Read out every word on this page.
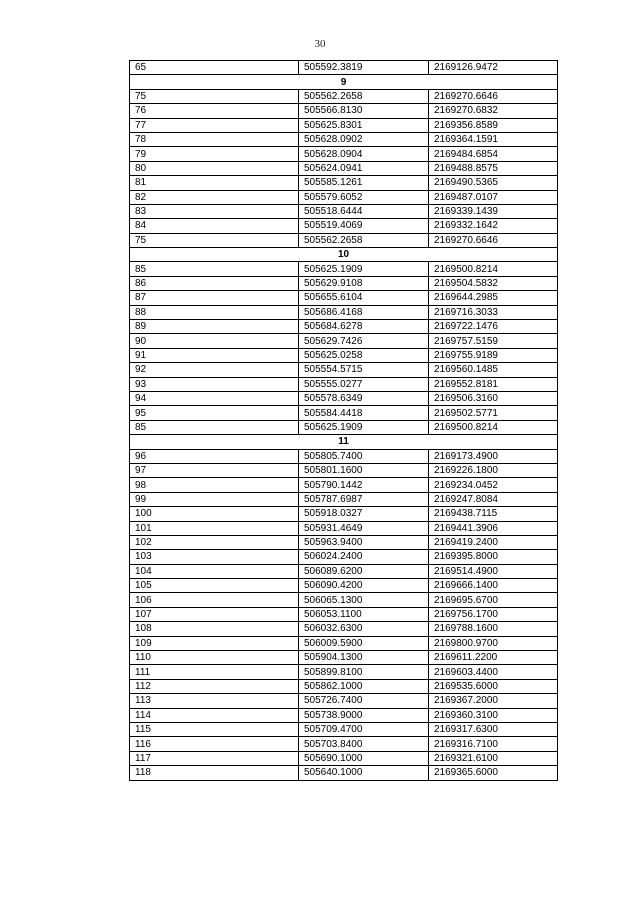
30
65	505592.3819	2169126.9472
9		
75	505562.2658	2169270.6646
76	505566.8130	2169270.6832
77	505625.8301	2169356.8589
78	505628.0902	2169364.1591
79	505628.0904	2169484.6854
80	505624.0941	2169488.8575
81	505585.1261	2169490.5365
82	505579.6052	2169487.0107
83	505518.6444	2169339.1439
84	505519.4069	2169332.1642
75	505562.2658	2169270.6646
10		
85	505625.1909	2169500.8214
86	505629.9108	2169504.5832
87	505655.6104	2169644.2985
88	505686.4168	2169716.3033
89	505684.6278	2169722.1476
90	505629.7426	2169757.5159
91	505625.0258	2169755.9189
92	505554.5715	2169560.1485
93	505555.0277	2169552.8181
94	505578.6349	2169506.3160
95	505584.4418	2169502.5771
85	505625.1909	2169500.8214
11		
96	505805.7400	2169173.4900
97	505801.1600	2169226.1800
98	505790.1442	2169234.0452
99	505787.6987	2169247.8084
100	505918.0327	2169438.7115
101	505931.4649	2169441.3906
102	505963.9400	2169419.2400
103	506024.2400	2169395.8000
104	506089.6200	2169514.4900
105	506090.4200	2169666.1400
106	506065.1300	2169695.6700
107	506053.1100	2169756.1700
108	506032.6300	2169788.1600
109	506009.5900	2169800.9700
110	505904.1300	2169611.2200
111	505899.8100	2169603.4400
112	505862.1000	2169535.6000
113	505726.7400	2169367.2000
114	505738.9000	2169360.3100
115	505709.4700	2169317.6300
116	505703.8400	2169316.7100
117	505690.1000	2169321.6100
118	505640.1000	2169365.6000
